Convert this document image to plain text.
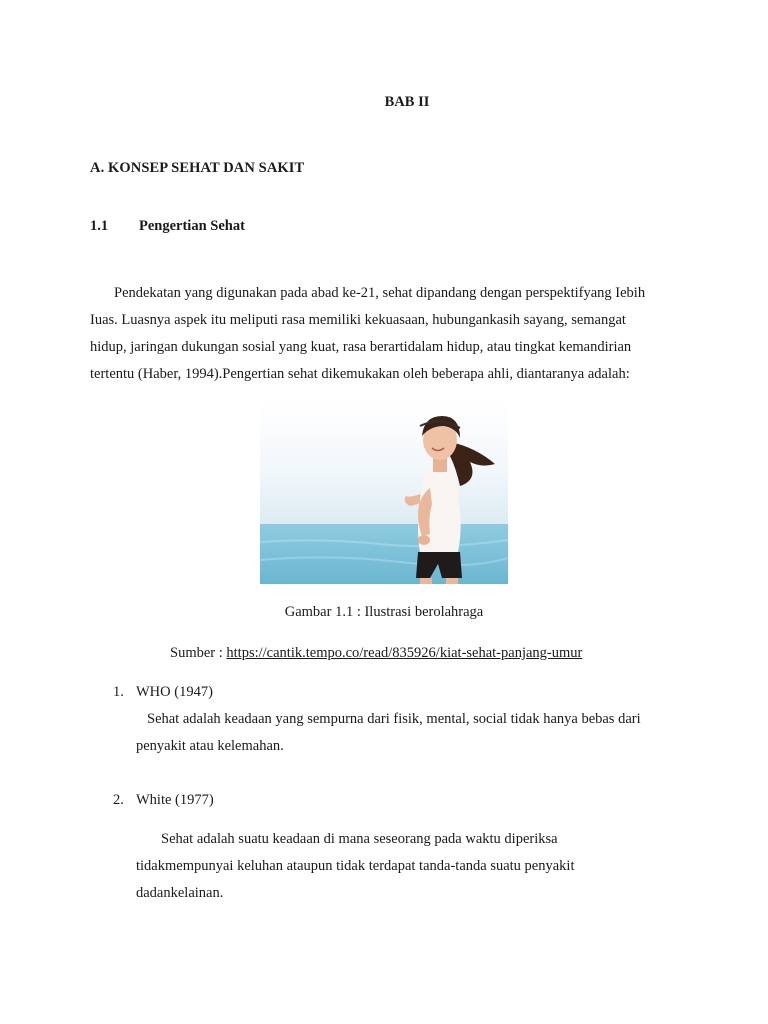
BAB II
A. KONSEP SEHAT DAN SAKIT
1.1 Pengertian Sehat
Pendekatan yang digunakan pada abad ke-21, sehat dipandang dengan perspektifyang Iebih
Iuas. Luasnya aspek itu meliputi rasa memiliki kekuasaan, hubungankasih sayang, semangat
hidup, jaringan dukungan sosial yang kuat, rasa berartidalam hidup, atau tingkat kemandirian
tertentu (Haber, 1994).Pengertian sehat dikemukakan oleh beberapa ahli, diantaranya adalah:
Gambar 1.1 : Ilustrasi berolahraga
Sumber : https://cantik.tempo.co/read/835926/kiat-sehat-panjang-umur
1. WHO (1947)
Sehat adalah keadaan yang sempurna dari fisik, mental, social tidak hanya bebas dari
penyakit atau kelemahan.
2. White (1977)
Sehat adalah suatu keadaan di mana seseorang pada waktu diperiksa
tidakmempunyai keluhan ataupun tidak terdapat tanda-tanda suatu penyakit
dadankelainan.
